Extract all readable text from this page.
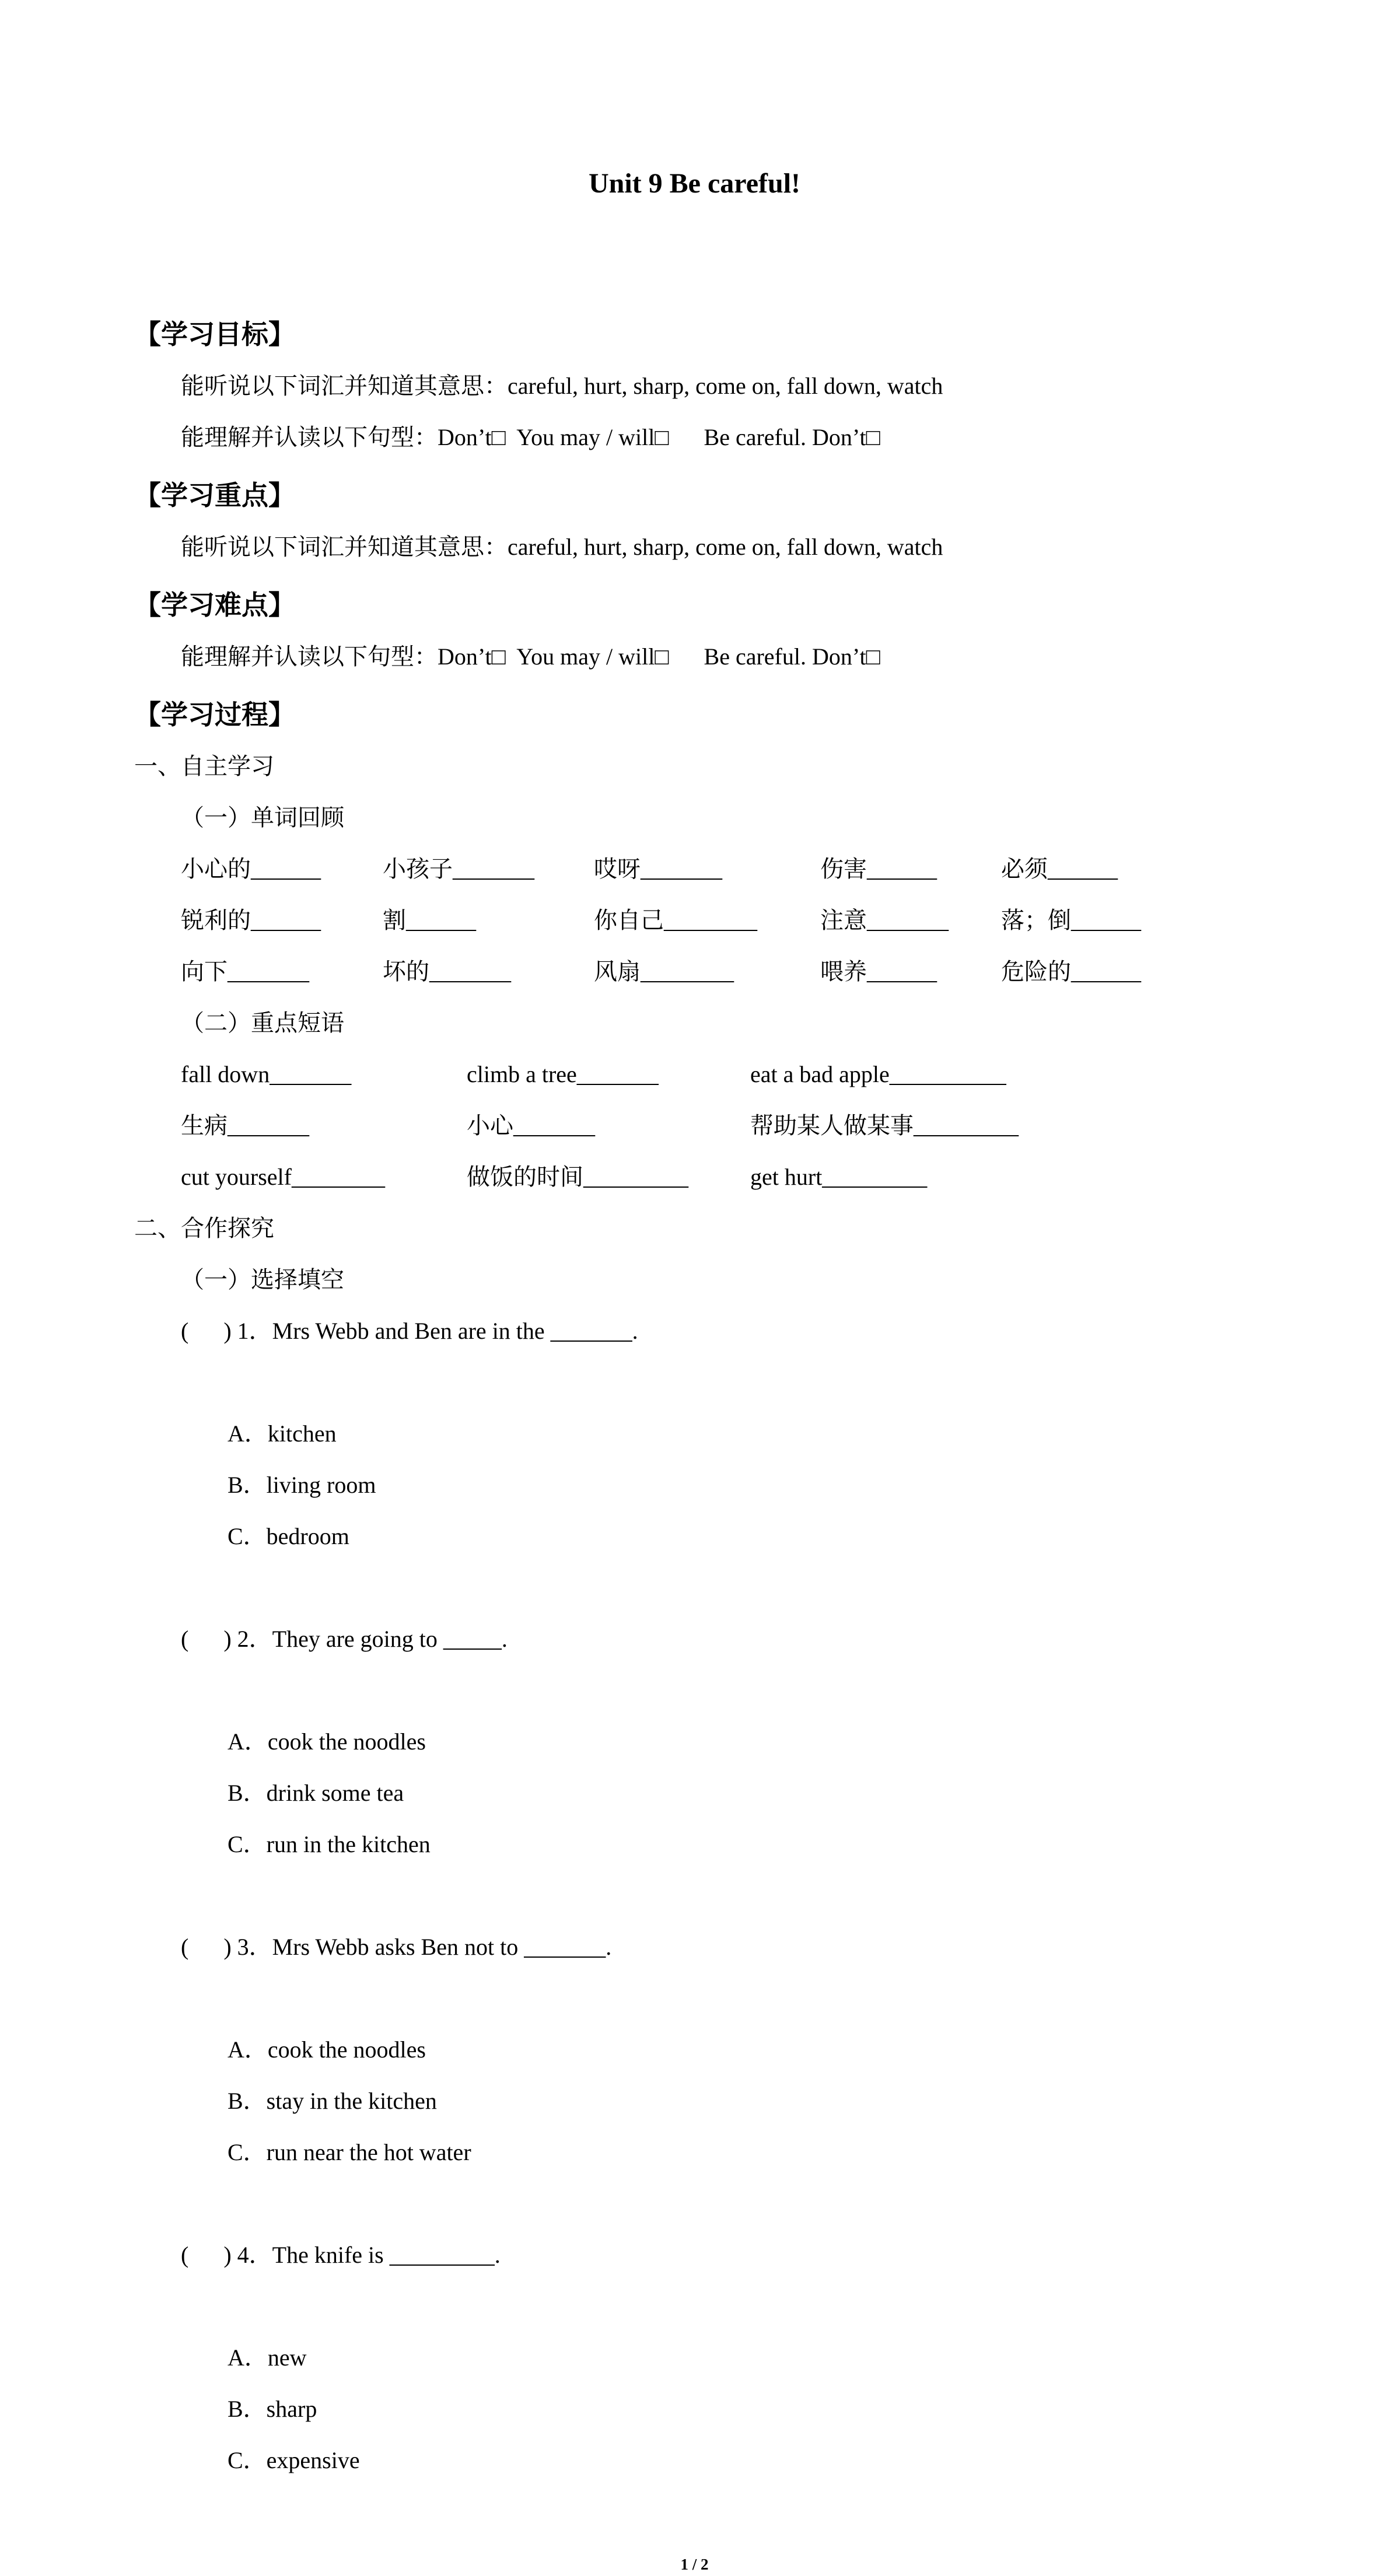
Unit 9 Be careful!
【学习目标】

能听说以下词汇并知道其意思：careful, hurt, sharp, come on, fall down, watch

能理解并认读以下句型：Don’t□  You may / will□      Be careful. Don’t□

【学习重点】

能听说以下词汇并知道其意思：careful, hurt, sharp, come on, fall down, watch

【学习难点】

能理解并认读以下句型：Don’t□  You may / will□      Be careful. Don’t□

【学习过程】

一、自主学习

（一）单词回顾

小心的______	小孩子_______	哎呀_______	伤害______	必须______
锐利的______	割______	你自己________	注意_______	落；倒______
向下_______	坏的_______	风扇________	喂养______	危险的______

（二）重点短语

fall down_______	climb a tree_______	eat a bad apple__________
生病_______	小心_______	帮助某人做某事_________
cut yourself________	做饭的时间_________	get hurt_________

二、合作探究

（一）选择填空

(      ) 1．Mrs Webb and Ben are in the _______.

A．kitchen
B．living room
C．bedroom

(      ) 2．They are going to _____.

A．cook the noodles
B．drink some tea
C．run in the kitchen

(      ) 3．Mrs Webb asks Ben not to _______.

A．cook the noodles
B．stay in the kitchen
C．run near the hot water

(      ) 4．The knife is _________.

A．new
B．sharp
C．expensive

1 / 2
